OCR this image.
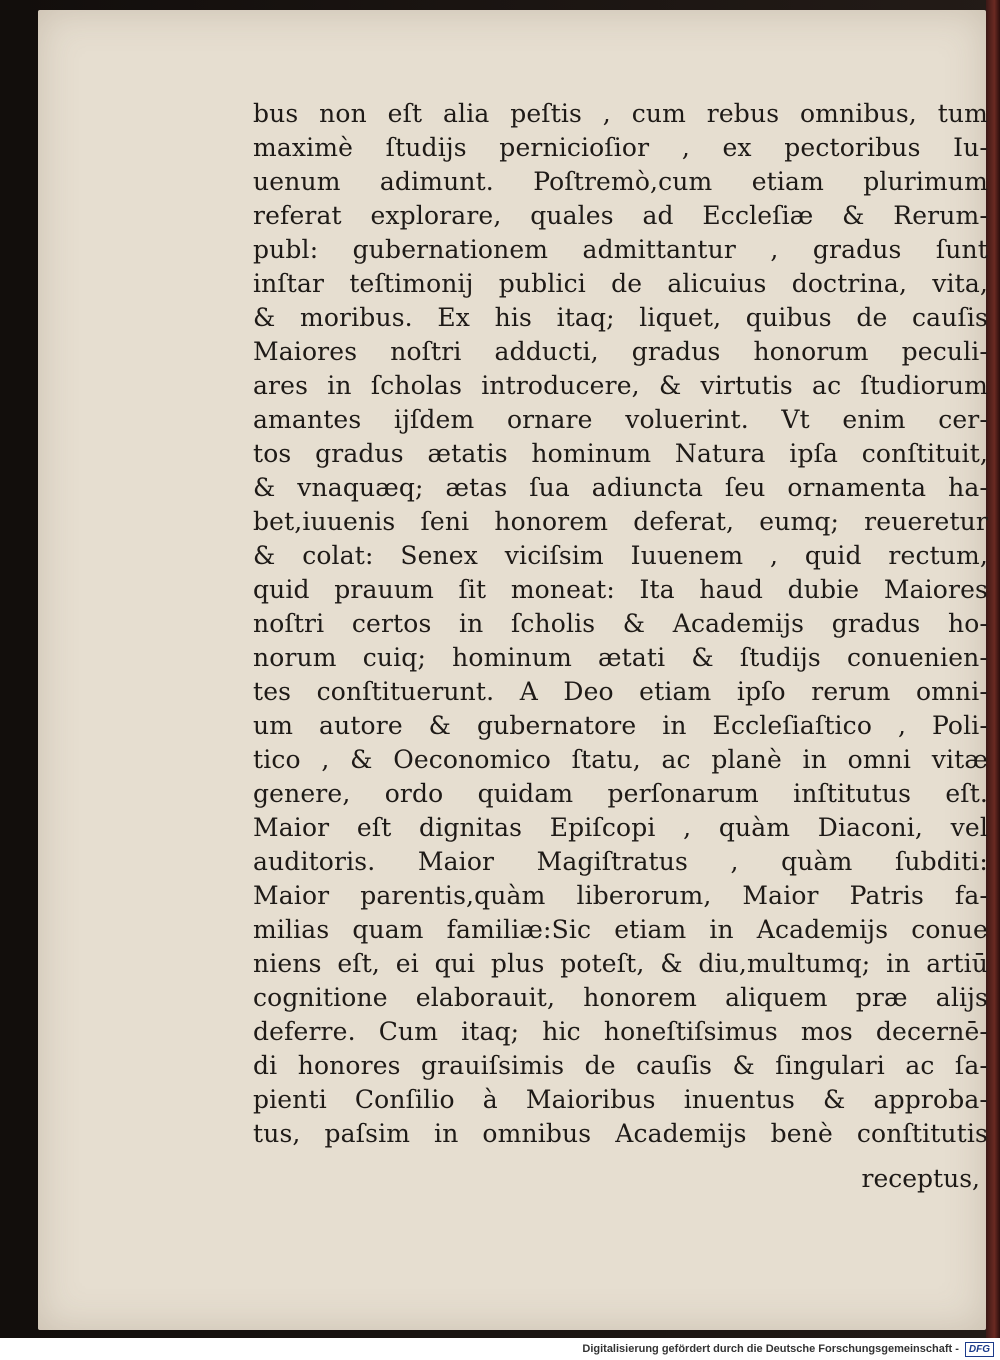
bus non eſt alia peſtis , cum rebus omnibus, tum
maximè ſtudijs pernicioſior , ex pectoribus Iu-
uenum adimunt. Poſtremò,cum etiam plurimum
referat explorare, quales ad Eccleſiæ & Rerum-
publ: gubernationem admittantur , gradus ſunt
inſtar teſtimonij publici de alicuius doctrina, vita,
& moribus. Ex his itaq; liquet, quibus de cauſis
Maiores noſtri adducti, gradus honorum peculi-
ares in ſcholas introducere, & virtutis ac ſtudiorum
amantes ijſdem ornare voluerint. Vt enim cer-
tos gradus ætatis hominum Natura ipſa conſtituit,
& vnaquæq; ætas ſua adiuncta ſeu ornamenta ha-
bet,iuuenis ſeni honorem deferat, eumq; reueretur
& colat: Senex viciſsim Iuuenem , quid rectum,
quid prauum ſit moneat: Ita haud dubie Maiores
noſtri certos in ſcholis & Academijs gradus ho-
norum cuiq; hominum ætati & ſtudijs conuenien-
tes conſtituerunt. A Deo etiam ipſo rerum omni-
um autore & gubernatore in Eccleſiaſtico , Poli-
tico , & Oeconomico ſtatu, ac planè in omni vitæ
genere, ordo quidam perſonarum inſtitutus eſt.
Maior eſt dignitas Epiſcopi , quàm Diaconi, vel
auditoris. Maior Magiſtratus , quàm ſubditi:
Maior parentis,quàm liberorum, Maior Patris fa-
milias quam familiæ:Sic etiam in Academijs conue
niens eſt, ei qui plus poteſt, & diu,multumq; in artiū
cognitione elaborauit, honorem aliquem præ alijs
deferre. Cum itaq; hic honeſtiſsimus mos decernē-
di honores grauiſsimis de cauſis & ſingulari ac ſa-
pienti Conſilio à Maioribus inuentus & approba-
tus, paſsim in omnibus Academijs benè conſtitutis
receptus,
Digitalisierung gefördert durch die Deutsche Forschungsgemeinschaft -	DFG
